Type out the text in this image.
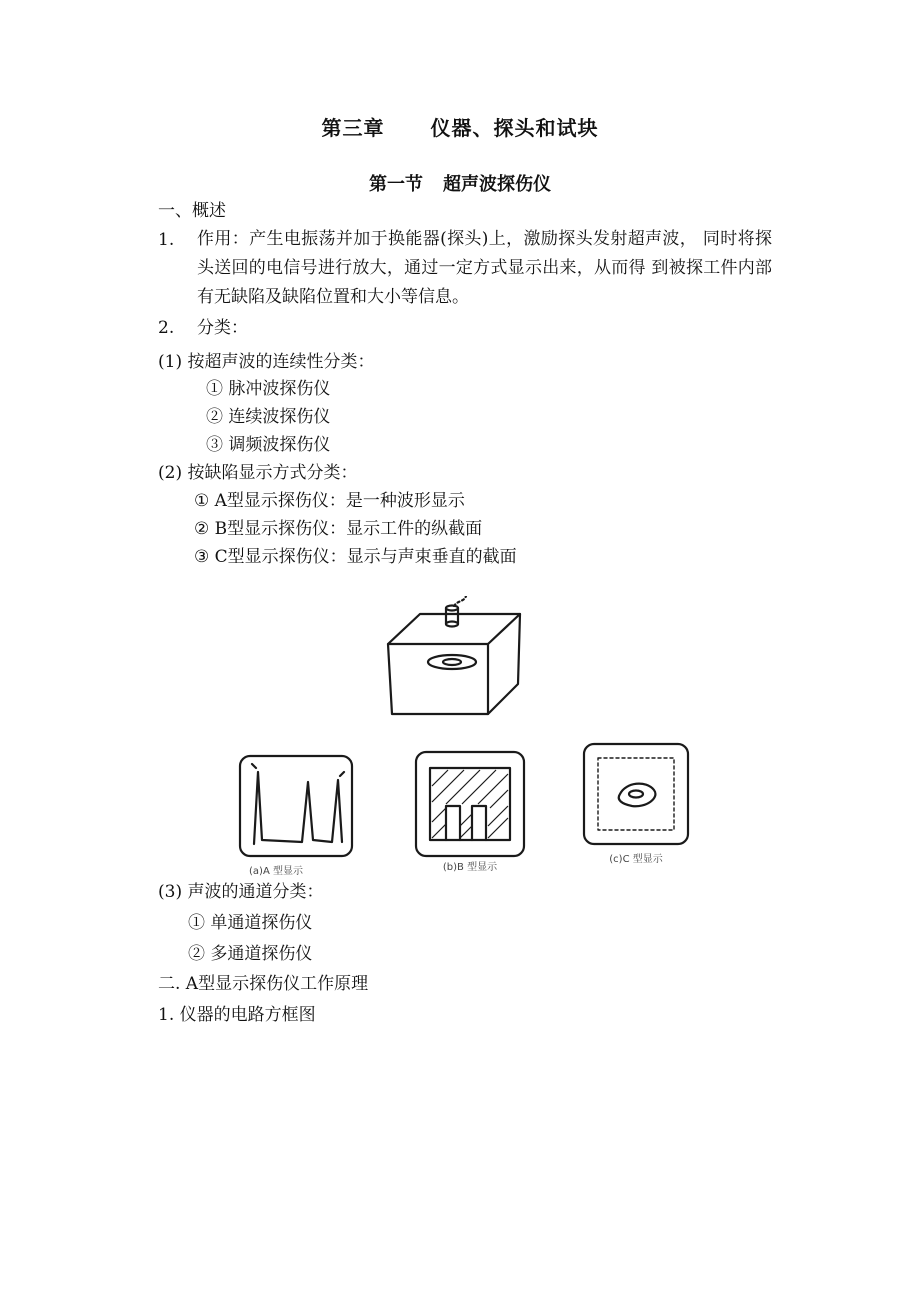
第三章 仪器、探头和试块
第一节 超声波探伤仪
一、概述
1. 作用：产生电振荡并加于换能器(探头)上，激励探头发射超声波， 同时将探头送回的电信号进行放大，通过一定方式显示出来，从而得 到被探工件内部有无缺陷及缺陷位置和大小等信息。
2. 分类：
(1) 按超声波的连续性分类：
① 脉冲波探伤仪
② 连续波探伤仪
③ 调频波探伤仪
(2) 按缺陷显示方式分类：
① A型显示探伤仪：是一种波形显示
② B型显示探伤仪：显示工件的纵截面
③ C型显示探伤仪：显示与声束垂直的截面
(a)A 型显示	(b)B 型显示
(c)C 型显示
(3) 声波的通道分类：
① 单通道探伤仪
② 多通道探伤仪
二. A型显示探伤仪工作原理
1. 仪器的电路方框图
